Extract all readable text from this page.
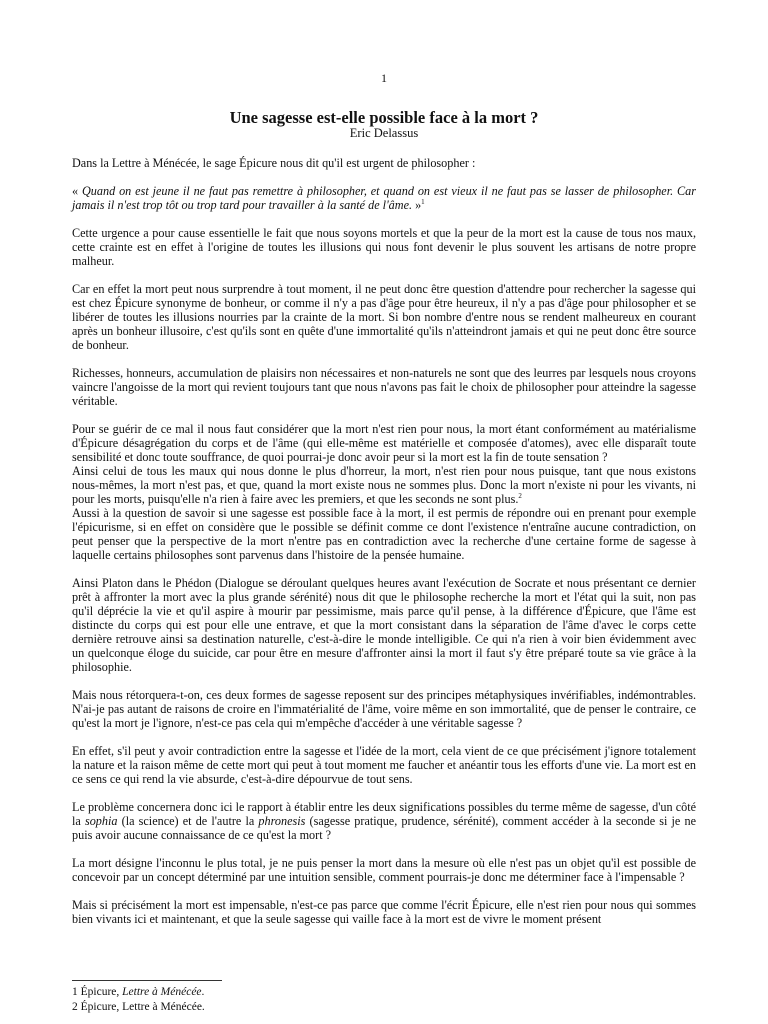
1
Une sagesse est-elle possible face à la mort ?
Eric Delassus

Dans la Lettre à Ménécée, le sage Épicure nous dit qu'il est urgent de philosopher :

« Quand on est jeune il ne faut pas remettre à philosopher, et quand on est vieux il ne faut pas se lasser de philosopher. Car jamais il n'est trop tôt ou trop tard pour travailler à la santé de l'âme. »$^1$

Cette urgence a pour cause essentielle le fait que nous soyons mortels et que la peur de la mort est la cause de tous nos maux, cette crainte est en effet à l'origine de toutes les illusions qui nous font devenir le plus souvent les artisans de notre propre malheur.

Car en effet la mort peut nous surprendre à tout moment, il ne peut donc être question d'attendre pour rechercher la sagesse qui est chez Épicure synonyme de bonheur, or comme il n'y a pas d'âge pour être heureux, il n'y a pas d'âge pour philosopher et se libérer de toutes les illusions nourries par la crainte de la mort. Si bon nombre d'entre nous se rendent malheureux en courant après un bonheur illusoire, c'est qu'ils sont en quête d'une immortalité qu'ils n'atteindront jamais et qui ne peut donc être source de bonheur.

Richesses, honneurs, accumulation de plaisirs non nécessaires et non-naturels ne sont que des leurres par lesquels nous croyons vaincre l'angoisse de la mort qui revient toujours tant que nous n'avons pas fait le choix de philosopher pour atteindre la sagesse véritable.

Pour se guérir de ce mal il nous faut considérer que la mort n'est rien pour nous, la mort étant conformément au matérialisme d'Épicure désagrégation du corps et de l'âme (qui elle-même est matérielle et composée d'atomes), avec elle disparaît toute sensibilité et donc toute souffrance, de quoi pourrai-je donc avoir peur si la mort est la fin de toute sensation ?

Ainsi celui de tous les maux qui nous donne le plus d'horreur, la mort, n'est rien pour nous puisque, tant que nous existons nous-mêmes, la mort n'est pas, et que, quand la mort existe nous ne sommes plus. Donc la mort n'existe ni pour les vivants, ni pour les morts, puisqu'elle n'a rien à faire avec les premiers, et que les seconds ne sont plus.$^2$

Aussi à la question de savoir si une sagesse est possible face à la mort, il est permis de répondre oui en prenant pour exemple l'épicurisme, si en effet on considère que le possible se définit comme ce dont l'existence n'entraîne aucune contradiction, on peut penser que la perspective de la mort n'entre pas en contradiction avec la recherche d'une certaine forme de sagesse à laquelle certains philosophes sont parvenus dans l'histoire de la pensée humaine.

Ainsi Platon dans le Phédon (Dialogue se déroulant quelques heures avant l'exécution de Socrate et nous présentant ce dernier prêt à affronter la mort avec la plus grande sérénité) nous dit que le philosophe recherche la mort et l'état qui la suit, non pas qu'il déprécie la vie et qu'il aspire à mourir par pessimisme, mais parce qu'il pense, à la différence d'Épicure, que l'âme est distincte du corps qui est pour elle une entrave, et que la mort consistant dans la séparation de l'âme d'avec le corps cette dernière retrouve ainsi sa destination naturelle, c'est-à-dire le monde intelligible. Ce qui n'a rien à voir bien évidemment avec un quelconque éloge du suicide, car pour être en mesure d'affronter ainsi la mort il faut s'y être préparé toute sa vie grâce à la philosophie.

Mais nous rétorquera-t-on, ces deux formes de sagesse reposent sur des principes métaphysiques invérifiables, indémontrables. N'ai-je pas autant de raisons de croire en l'immatérialité de l'âme, voire même en son immortalité, que de penser le contraire, ce qu'est la mort je l'ignore, n'est-ce pas cela qui m'empêche d'accéder à une véritable sagesse ?

En effet, s'il peut y avoir contradiction entre la sagesse et l'idée de la mort, cela vient de ce que précisément j'ignore totalement la nature et la raison même de cette mort qui peut à tout moment me faucher et anéantir tous les efforts d'une vie. La mort est en ce sens ce qui rend la vie absurde, c'est-à-dire dépourvue de tout sens.

Le problème concernera donc ici le rapport à établir entre les deux significations possibles du terme même de sagesse, d'un côté la sophia (la science) et de l'autre la phronesis (sagesse pratique, prudence, sérénité), comment accéder à la seconde si je ne puis avoir aucune connaissance de ce qu'est la mort ?

La mort désigne l'inconnu le plus total, je ne puis penser la mort dans la mesure où elle n'est pas un objet qu'il est possible de concevoir par un concept déterminé par une intuition sensible, comment pourrais-je donc me déterminer face à l'impensable ?

Mais si précisément la mort est impensable, n'est-ce pas parce que comme l'écrit Épicure, elle n'est rien pour nous qui sommes bien vivants ici et maintenant, et que la seule sagesse qui vaille face à la mort est de vivre le moment présent

1 Épicure, Lettre à Ménécée.
2 Épicure, Lettre à Ménécée.
